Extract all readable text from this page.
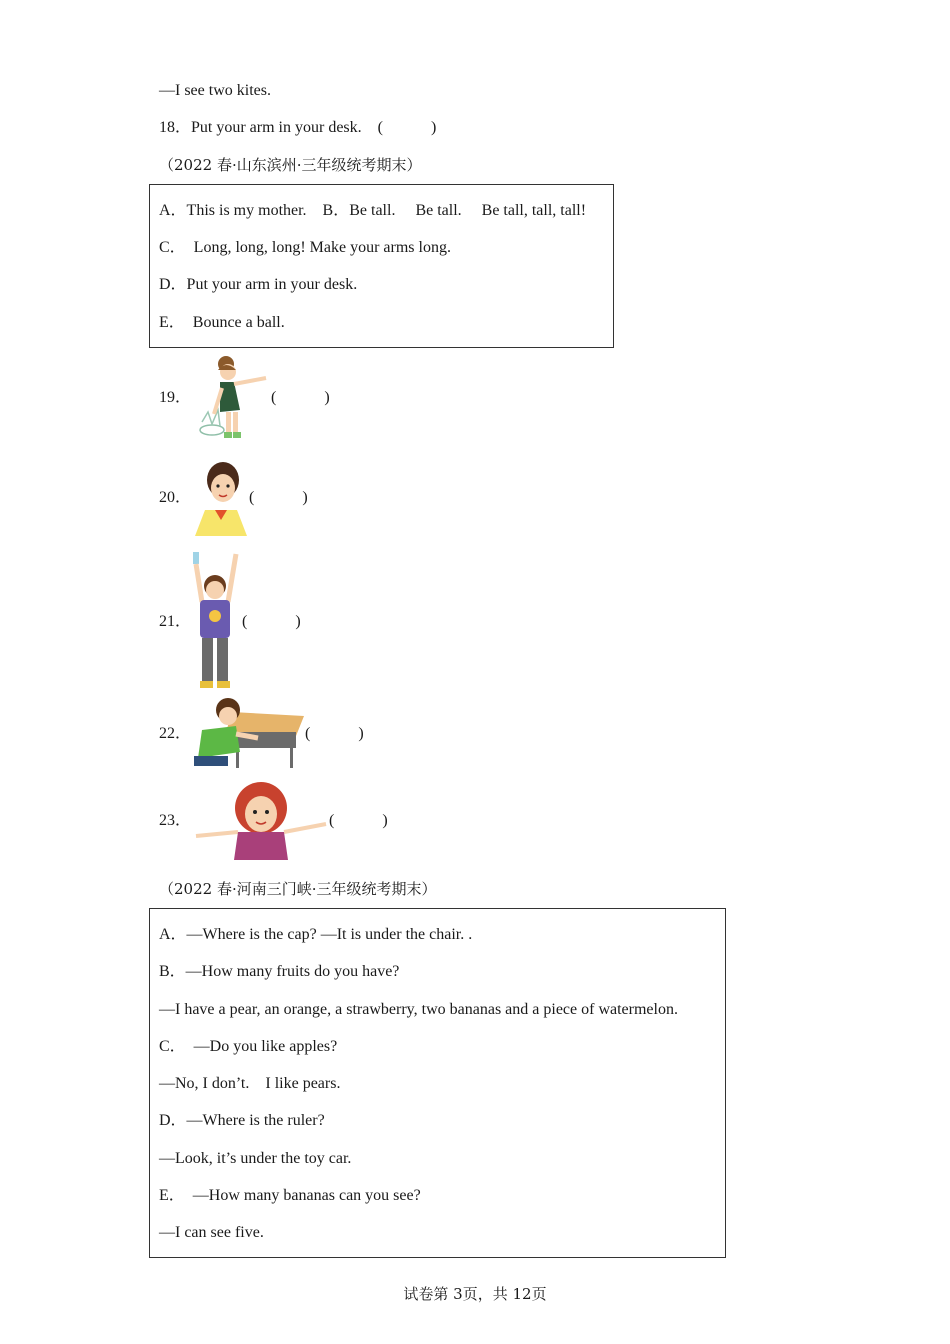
—I see two kites.
18．Put your arm in your desk.　(　　　)
（2022 春·山东滨州·三年级统考期末）
A．This is my mother.　B．Be tall.　 Be tall.　 Be tall, tall, tall!
C．　Long, long, long! Make your arms long.
D．Put your arm in your desk.
E．　Bounce a ball.
19．	(　　　)
20．	(　　　)
21．	(　　　)
22．	(　　　)
23．	(　　　)
（2022 春·河南三门峡·三年级统考期末）
A．—Where is the cap? —It is under the chair. .
B．—How many fruits do you have?
—I have a pear, an orange, a strawberry, two bananas and a piece of watermelon.
C．　—Do you like apples?
—No, I don’t.　I like pears.
D．—Where is the ruler?
—Look, it’s under the toy car.
E．　—How many bananas can you see?
—I can see five.
试卷第 3页，共 12页
